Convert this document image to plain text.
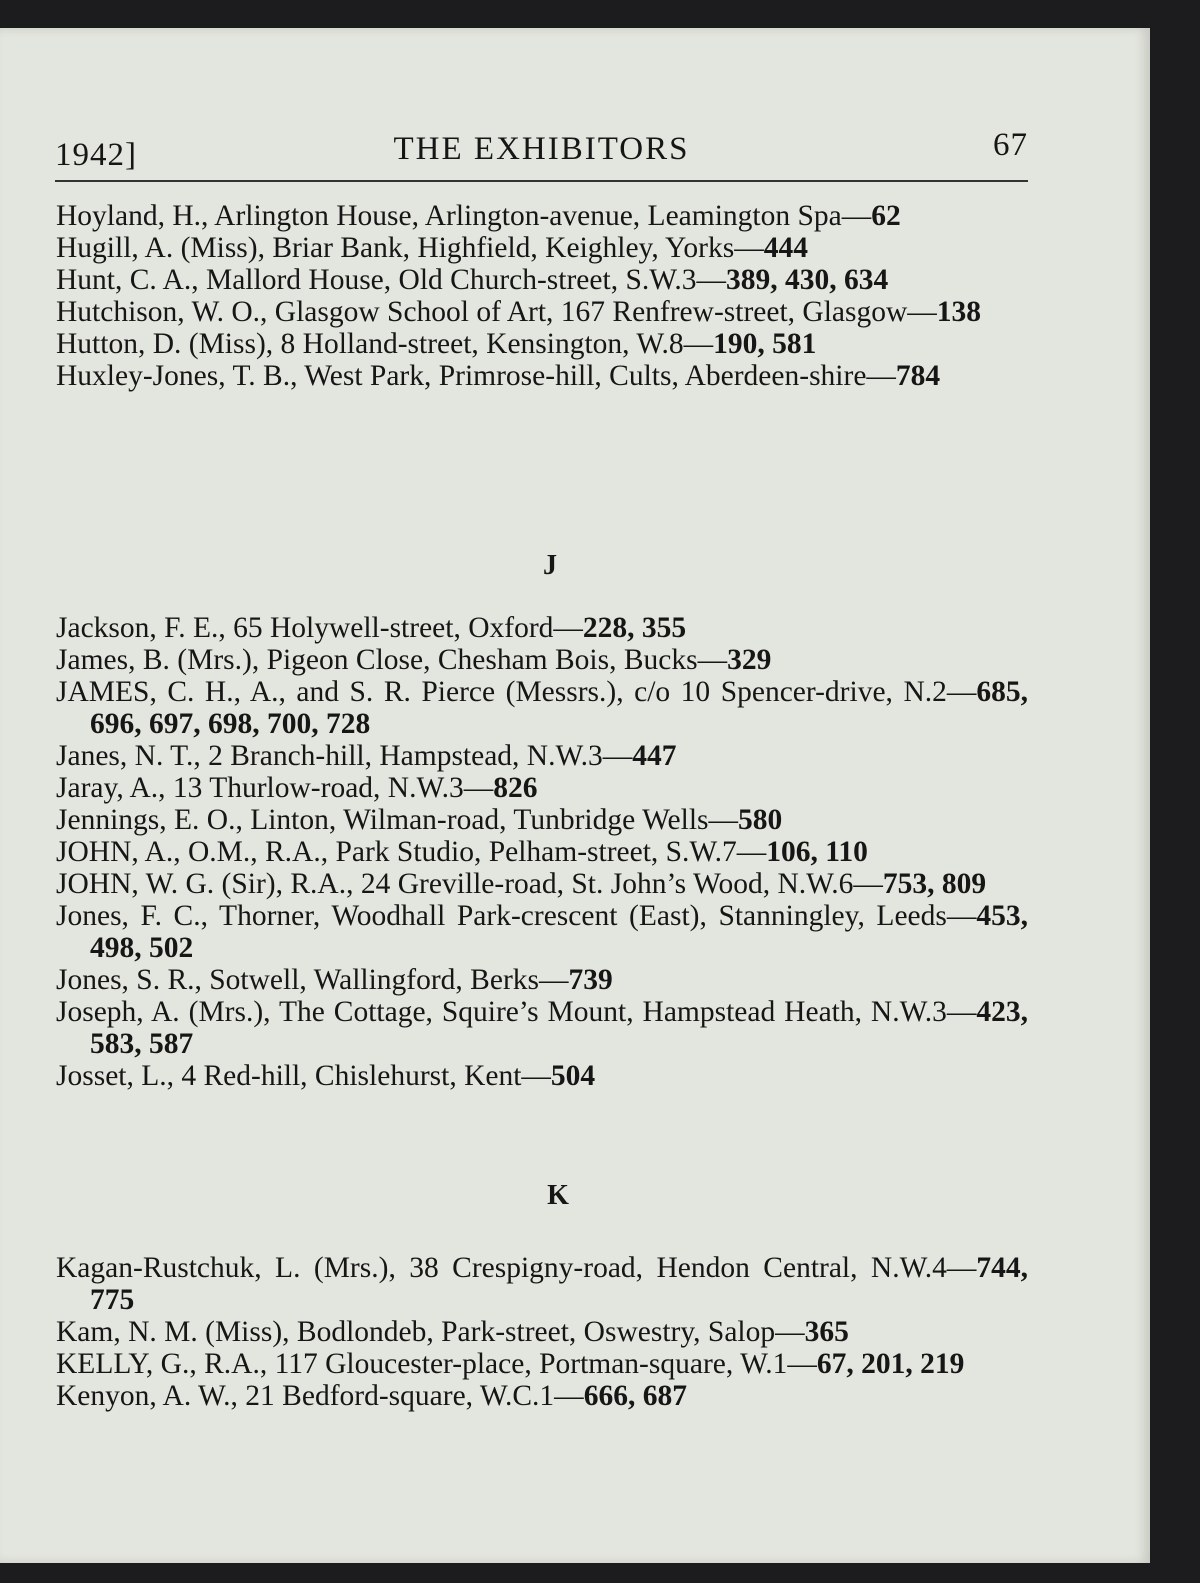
1942]	THE EXHIBITORS	67

Hoyland, H., Arlington House, Arlington-avenue, Leamington Spa—62

Hugill, A. (Miss), Briar Bank, Highfield, Keighley, Yorks—444

Hunt, C. A., Mallord House, Old Church-street, S.W.3—389, 430, 634

Hutchison, W. O., Glasgow School of Art, 167 Renfrew-street, Glasgow—138

Hutton, D. (Miss), 8 Holland-street, Kensington, W.8—190, 581

Huxley-Jones, T. B., West Park, Primrose-hill, Cults, Aberdeen-shire—784

J

Jackson, F. E., 65 Holywell-street, Oxford—228, 355

James, B. (Mrs.), Pigeon Close, Chesham Bois, Bucks—329

JAMES, C. H., A., and S. R. Pierce (Messrs.), c/o 10 Spencer-drive, N.2—685, 696, 697, 698, 700, 728

Janes, N. T., 2 Branch-hill, Hampstead, N.W.3—447

Jaray, A., 13 Thurlow-road, N.W.3—826

Jennings, E. O., Linton, Wilman-road, Tunbridge Wells—580

JOHN, A., O.M., R.A., Park Studio, Pelham-street, S.W.7—106, 110

JOHN, W. G. (Sir), R.A., 24 Greville-road, St. John’s Wood, N.W.6—753, 809

Jones, F. C., Thorner, Woodhall Park-crescent (East), Stanningley, Leeds—453, 498, 502

Jones, S. R., Sotwell, Wallingford, Berks—739

Joseph, A. (Mrs.), The Cottage, Squire’s Mount, Hampstead Heath, N.W.3—423, 583, 587

Josset, L., 4 Red-hill, Chislehurst, Kent—504

K

Kagan-Rustchuk, L. (Mrs.), 38 Crespigny-road, Hendon Central, N.W.4—744, 775

Kam, N. M. (Miss), Bodlondeb, Park-street, Oswestry, Salop—365

KELLY, G., R.A., 117 Gloucester-place, Portman-square, W.1—67, 201, 219

Kenyon, A. W., 21 Bedford-square, W.C.1—666, 687
